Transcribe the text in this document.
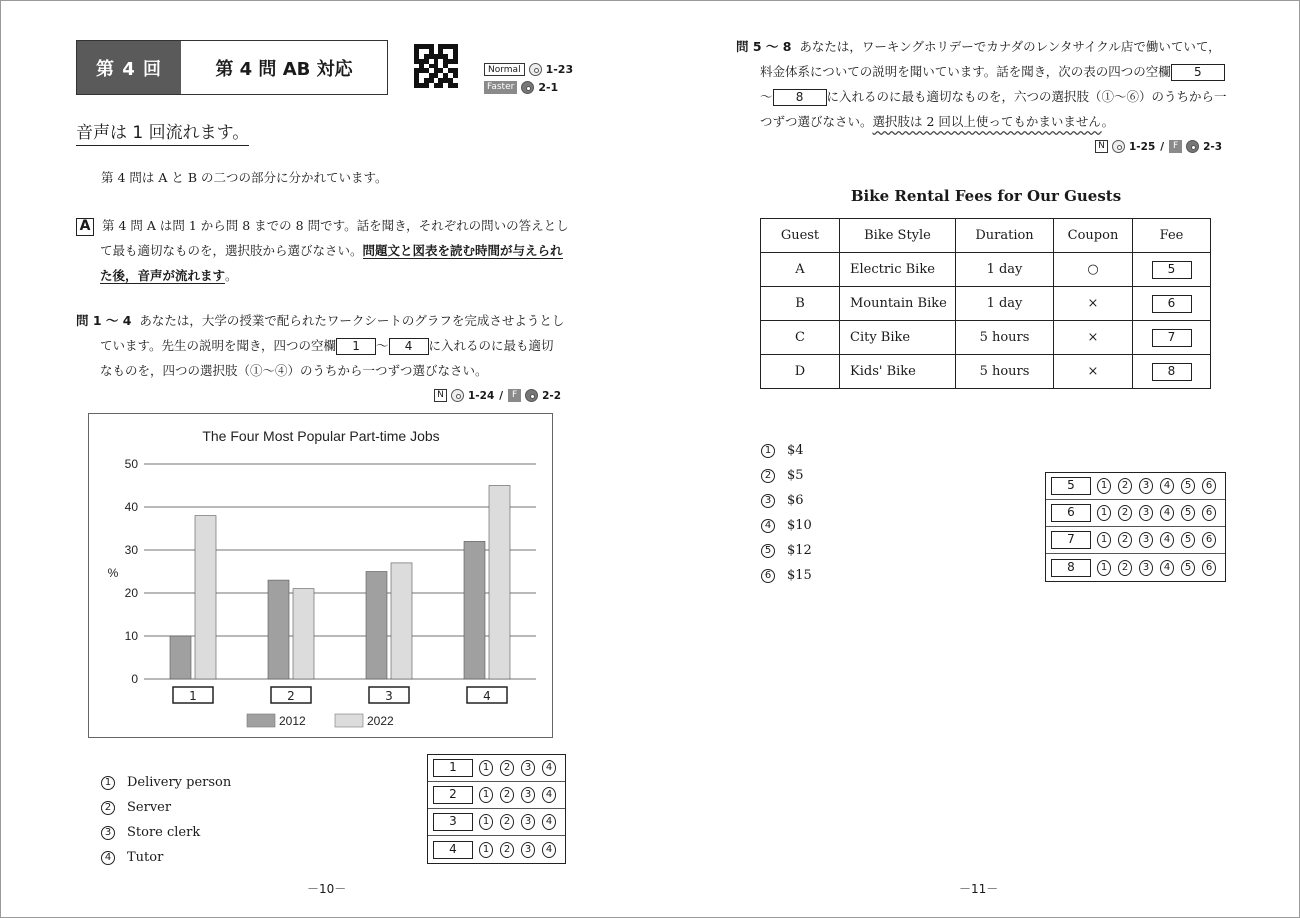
第 4 回	第 4 問 AB 対応	Normal	1-23
Faster 2-1
音声は 1 回流れます。
第 4 問は A と B の二つの部分に分かれています。
A 第 4 問 A は問 1 から問 8 までの 8 問です。話を聞き，それぞれの問いの答えとし
て最も適切なものを，選択肢から選びなさい。問題文と図表を読む時間が与えられ
た後，音声が流れます。
問 1 〜 4 あなたは，大学の授業で配られたワークシートのグラフを完成させようとし
ています。先生の説明を聞き，四つの空欄 1 〜 4 に入れるのに最も適切
なものを，四つの選択肢（①〜④）のうちから一つずつ選びなさい。
N 1-24 / F	2-2
The Four Most Popular Part-time Jobs
0
10
20
30
40
50
%
1	2	3	4
2012	2022
1 Delivery person
2 Server
3 Store clerk
4 Tutor
1	1	2	3	4
2	1	2	3	4
3	1	2	3	4
4	1	2	3	4
－10－
問 5 〜 8 あなたは，ワーキングホリデーでカナダのレンタサイクル店で働いていて，
料金体系についての説明を聞いています。話を聞き，次の表の四つの空欄 5
〜 8 に入れるのに最も適切なものを，六つの選択肢（①〜⑥）のうちから一
つずつ選びなさい。選択肢は 2 回以上使ってもかまいません。
N 1-25 / F	2-3
Bike Rental Fees for Our Guests
Guest	Bike Style	Duration	Coupon	Fee
A	Electric Bike	1 day	○	5
B	Mountain Bike	1 day	×	6
C	City Bike	5 hours	×	7
D	Kids' Bike	5 hours	×	8
1 $4
2 $5
3 $6
4 $10
5 $12
6 $15
5	1	2	3	4	5	6
6	1	2	3	4	5	6
7	1	2	3	4	5	6
8	1	2	3	4	5	6
－11－
